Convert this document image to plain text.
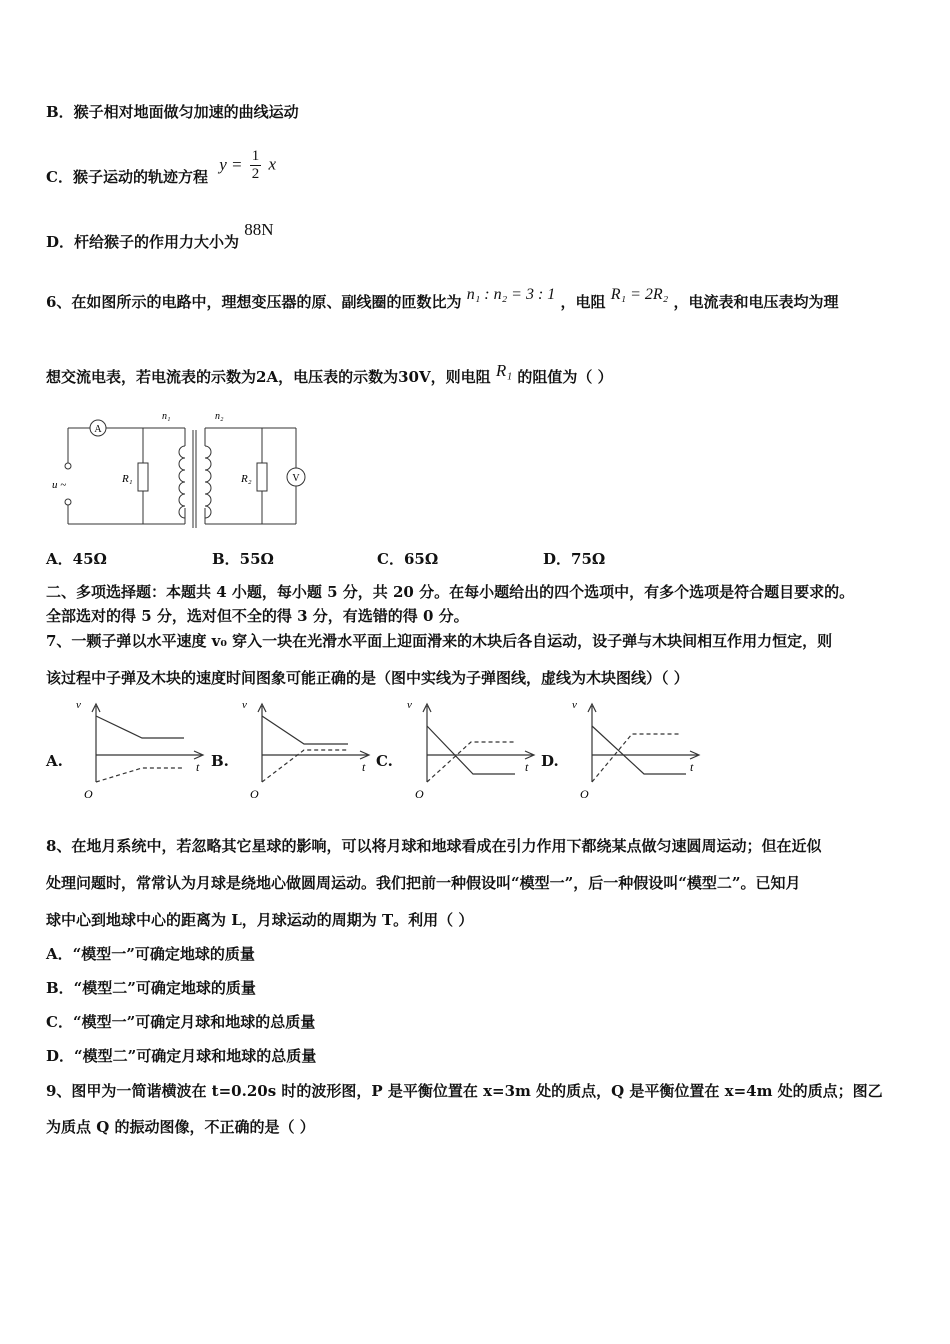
B．猴子相对地面做匀加速的曲线运动
C．猴子运动的轨迹方程 $y = \frac{1}{2}$ x
D．杆给猴子的作用力大小为 88N
6、在如图所示的电路中，理想变压器的原、副线圈的匝数比为 n₁ : n₂ = 3 : 1 ，电阻 R₁ = 2R₂ ，电流表和电压表均为理
想交流电表，若电流表的示数为2A，电压表的示数为30V，则电阻 R₁ 的阻值为（ ）
A
V
R₁	R₂
u ~
n₁	n₂
A．45Ω	B．55Ω	C．65Ω	D．75Ω
二、多项选择题：本题共 4 小题，每小题 5 分，共 20 分。在每小题给出的四个选项中，有多个选项是符合题目要求的。
全部选对的得 5 分，选对但不全的得 3 分，有选错的得 0 分。
7、一颗子弹以水平速度 v₀ 穿入一块在光滑水平面上迎面滑来的木块后各自运动，设子弹与木块间相互作用力恒定，则
该过程中子弹及木块的速度时间图象可能正确的是（图中实线为子弹图线，虚线为木块图线）（ ）
A.	B.	C.	D.
v
t
O
v
t
O
v
t
O
v
t
O
8、在地月系统中，若忽略其它星球的影响，可以将月球和地球看成在引力作用下都绕某点做匀速圆周运动；但在近似
处理问题时，常常认为月球是绕地心做圆周运动。我们把前一种假设叫“模型一”，后一种假设叫“模型二”。已知月
球中心到地球中心的距离为 L，月球运动的周期为 T。利用（ ）
A．“模型一”可确定地球的质量
B．“模型二”可确定地球的质量
C．“模型一”可确定月球和地球的总质量
D．“模型二”可确定月球和地球的总质量
9、图甲为一简谐横波在 t=0.20s 时的波形图，P 是平衡位置在 x=3m 处的质点，Q 是平衡位置在 x=4m 处的质点；图乙
为质点 Q 的振动图像，不正确的是（ ）
